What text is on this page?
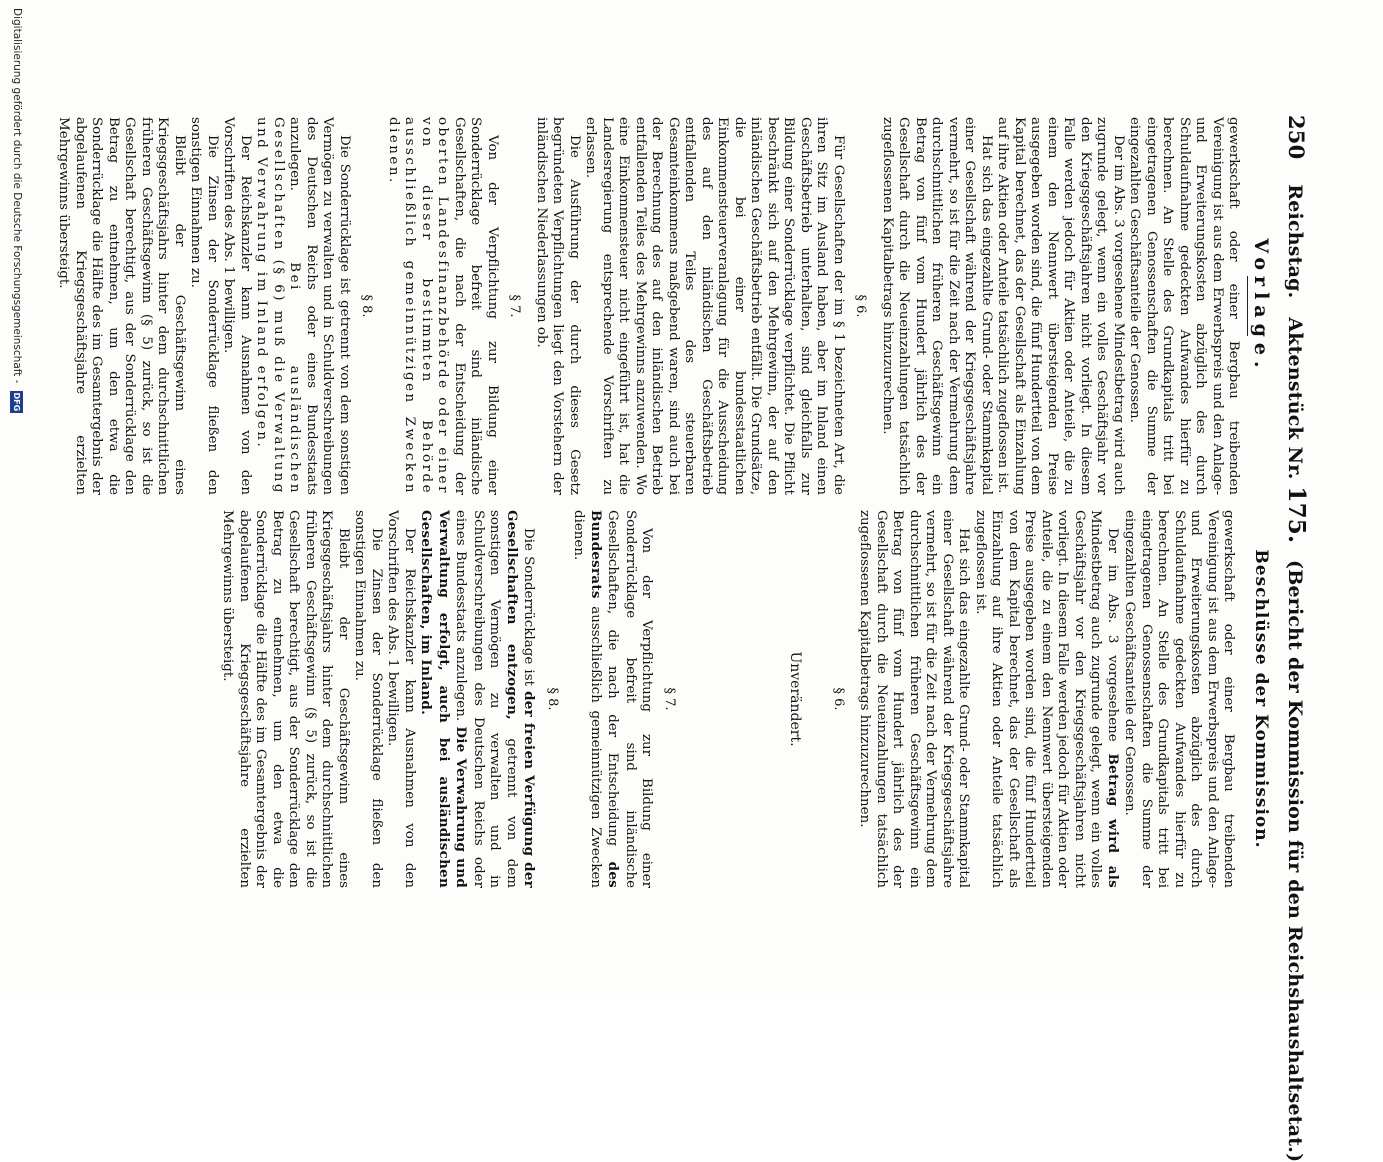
250 Reichstag. Aktenstück Nr. 175. (Bericht der Kommission für den Reichshaushaltsetat.)
Vorlage.

gewerkschaft oder einer Bergbau treibenden Vereinigung ist aus dem Erwerbspreis und den Anlage- und Erweiterungskosten abzüglich des durch Schuldaufnahme gedeckten Aufwandes hierfür zu berechnen. An Stelle des Grundkapitals tritt bei eingetragenen Genossenschaften die Summe der eingezahlten Geschäftsanteile der Genossen.

Der im Abs. 3 vorgesehene Mindestbetrag wird auch zugrunde gelegt, wenn ein volles Geschäftsjahr vor den Kriegsgeschäftsjahren nicht vorliegt. In diesem Falle werden jedoch für Aktien oder Anteile, die zu einem den Nennwert übersteigenden Preise ausgegeben worden sind, die fünf Hundertteil von dem Kapital berechnet, das der Gesellschaft als Einzahlung auf ihre Aktien oder Anteile tatsächlich zugeflossen ist.

Hat sich das eingezahlte Grund- oder Stammkapital einer Gesellschaft während der Kriegsgeschäftsjahre vermehrt, so ist für die Zeit nach der Vermehrung dem durchschnittlichen früheren Geschäftsgewinn ein Betrag von fünf vom Hundert jährlich des der Gesellschaft durch die Neueinzahlungen tatsächlich zugeflossenen Kapitalbetrags hinzuzurechnen.

§ 6.

Für Gesellschaften der im § 1 bezeichneten Art, die ihren Sitz im Ausland haben, aber im Inland einen Geschäftsbetrieb unterhalten, sind gleichfalls zur Bildung einer Sonderrücklage verpflichtet. Die Pflicht beschränkt sich auf den Mehrgewinn, der auf den inländischen Geschäftsbetrieb entfällt. Die Grundsätze, die bei einer bundesstaatlichen Einkommensteuerveranlagung für die Ausscheidung des auf den inländischen Geschäftsbetrieb entfallenden Teiles des steuerbaren Gesamteinkommens maßgebend waren, sind auch bei der Berechnung des auf den inländischen Betrieb entfallenden Teiles des Mehrgewinns anzuwenden. Wo eine Einkommensteuer nicht eingeführt ist, hat die Landesregierung entsprechende Vorschriften zu erlassen.

Die Ausführung der durch dieses Gesetz begründeten Verpflichtungen liegt den Vorstehern der inländischen Niederlassungen ob.

§ 7.

Von der Verpflichtung zur Bildung einer Sonderrücklage befreit sind inländische Gesellschaften, die nach der Entscheidung der oberten Landesfinanzbehörde oder einer von dieser bestimmten Behörde ausschließlich gemeinnützigen Zwecken dienen.

§ 8.

Die Sonderrücklage ist getrennt von dem sonstigen Vermögen zu verwalten und in Schuldverschreibungen des Deutschen Reichs oder eines Bundesstaats anzulegen. Bei ausländischen Gesellschaften (§ 6) muß die Verwaltung und Verwahrung im Inland erfolgen.

Der Reichskanzler kann Ausnahmen von den Vorschriften des Abs. 1 bewilligen.

Die Zinsen der Sonderrücklage fließen den sonstigen Einnahmen zu.

Bleibt der Geschäftsgewinn eines Kriegsgeschäftsjahrs hinter dem durchschnittlichen früheren Geschäftsgewinn (§ 5) zurück, so ist die Gesellschaft berechtigt, aus der Sonderrücklage den Betrag zu entnehmen, um den etwa die Sonderrücklage die Hälfte des im Gesamtergebnis der abgelaufenen Kriegsgeschäftsjahre erzielten Mehrgewinns übersteigt.

Beschlüsse der Kommission.

gewerkschaft oder einer Bergbau treibenden Vereinigung ist aus dem Erwerbspreis und den Anlage- und Erweiterungskosten abzüglich des durch Schuldaufnahme gedeckten Aufwandes hierfür zu berechnen. An Stelle des Grundkapitals tritt bei eingetragenen Genossenschaften die Summe der eingezahlten Geschäftsanteile der Genossen.

Der im Abs. 3 vorgesehene Betrag wird als Mindestbetrag auch zugrunde gelegt, wenn ein volles Geschäftsjahr vor den Kriegsgeschäftsjahren nicht vorliegt. In diesem Falle werden jedoch für Aktien oder Anteile, die zu einem den Nennwert übersteigenden Preise ausgegeben worden sind, die fünf Hundertteil von dem Kapital berechnet, das der Gesellschaft als Einzahlung auf ihre Aktien oder Anteile tatsächlich zugeflossen ist.

Hat sich das eingezahlte Grund- oder Stammkapital einer Gesellschaft während der Kriegsgeschäftsjahre vermehrt, so ist für die Zeit nach der Vermehrung dem durchschnittlichen früheren Geschäftsgewinn ein Betrag von fünf vom Hundert jährlich des der Gesellschaft durch die Neueinzahlungen tatsächlich zugeflossenen Kapitalbetrags hinzuzurechnen.

§ 6.
Unverändert.
§ 7.

Von der Verpflichtung zur Bildung einer Sonderrücklage befreit sind inländische Gesellschaften, die nach der Entscheidung des Bundesrats ausschließlich gemeinnützigen Zwecken dienen.

§ 8.

Die Sonderrücklage ist der freien Verfügung der Gesellschaften entzogen, getrennt von dem sonstigen Vermögen zu verwalten und in Schuldverschreibungen des Deutschen Reichs oder eines Bundesstaats anzulegen. Die Verwahrung und Verwaltung erfolgt, auch bei ausländischen Gesellschaften, im Inland.

Der Reichskanzler kann Ausnahmen von den Vorschriften des Abs. 1 bewilligen.

Die Zinsen der Sonderrücklage fließen den sonstigen Einnahmen zu.

Bleibt der Geschäftsgewinn eines Kriegsgeschäftsjahrs hinter dem durchschnittlichen früheren Geschäftsgewinn (§ 5) zurück, so ist die Gesellschaft berechtigt, aus der Sonderrücklage den Betrag zu entnehmen, um den etwa die Sonderrücklage die Hälfte des im Gesamtergebnis der abgelaufenen Kriegsgeschäftsjahre erzielten Mehrgewinns übersteigt.

Digitalisierung gefördert durch die Deutsche Forschungsgemeinschaft - DFG
